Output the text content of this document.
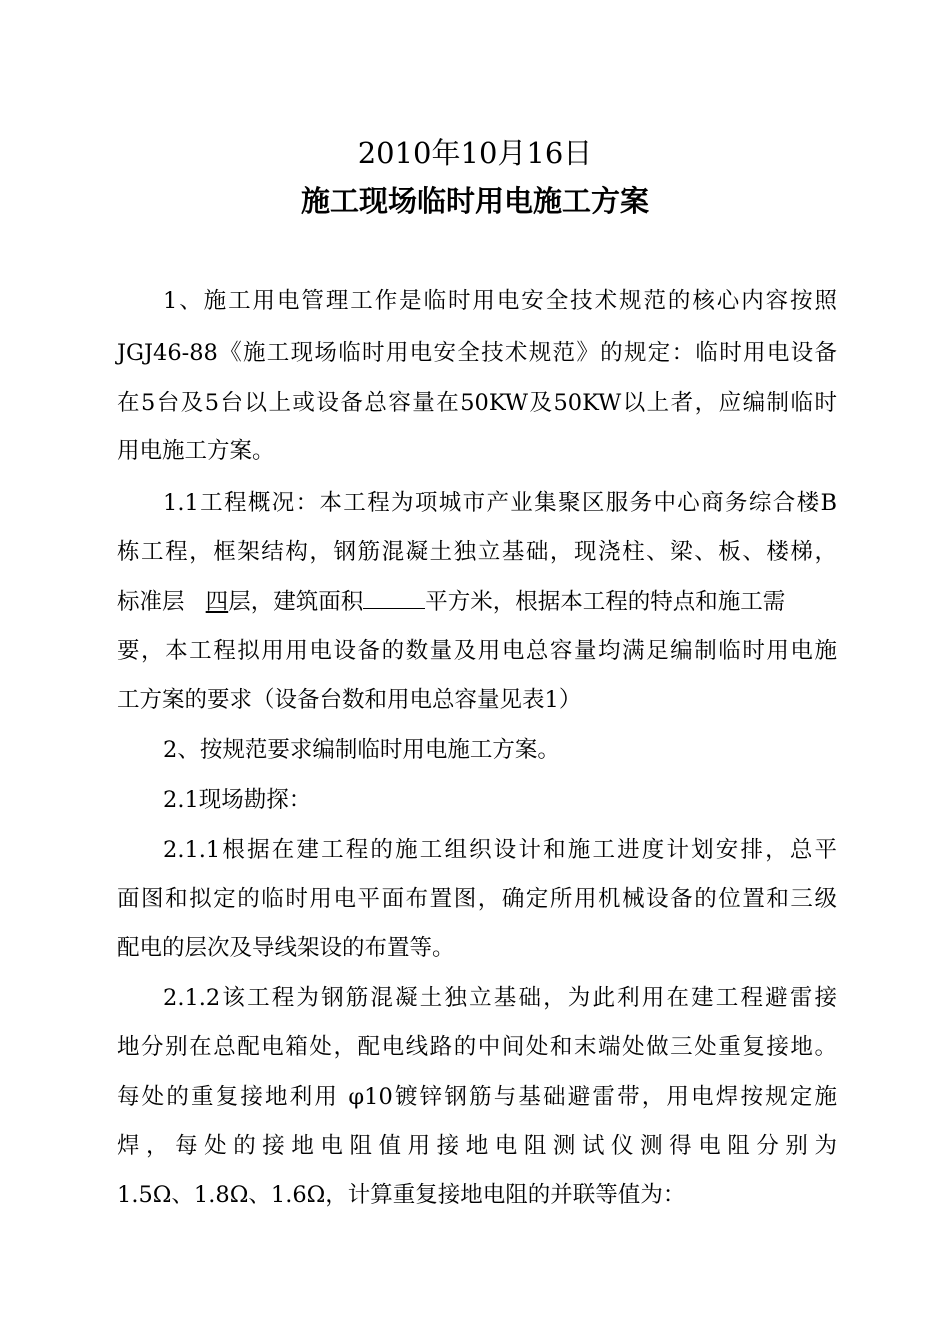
2010年10月16日
施工现场临时用电施工方案
1、施工用电管理工作是临时用电安全技术规范的核心内容按照
JGJ46-88《施工现场临时用电安全技术规范》的规定：临时用电设备
在5台及5台以上或设备总容量在50KW及50KW以上者，应编制临时
用电施工方案。
1.1工程概况：本工程为项城市产业集聚区服务中心商务综合楼B
栋工程，框架结构，钢筋混凝土独立基础，现浇柱、梁、板、楼梯，
标准层 四层，建筑面积	平方米，根据本工程的特点和施工需
要，本工程拟用用电设备的数量及用电总容量均满足编制临时用电施
工方案的要求（设备台数和用电总容量见表1）
2、按规范要求编制临时用电施工方案。
2.1现场勘探：
2.1.1根据在建工程的施工组织设计和施工进度计划安排，总平
面图和拟定的临时用电平面布置图，确定所用机械设备的位置和三级
配电的层次及导线架设的布置等。
2.1.2该工程为钢筋混凝土独立基础，为此利用在建工程避雷接
地分别在总配电箱处，配电线路的中间处和末端处做三处重复接地。
每处的重复接地利用 φ10镀锌钢筋与基础避雷带，用电焊按规定施
焊，每处的接地电阻值用接地电阻测试仪测得电阻分别为
1.5Ω、1.8Ω、1.6Ω，计算重复接地电阻的并联等值为：
